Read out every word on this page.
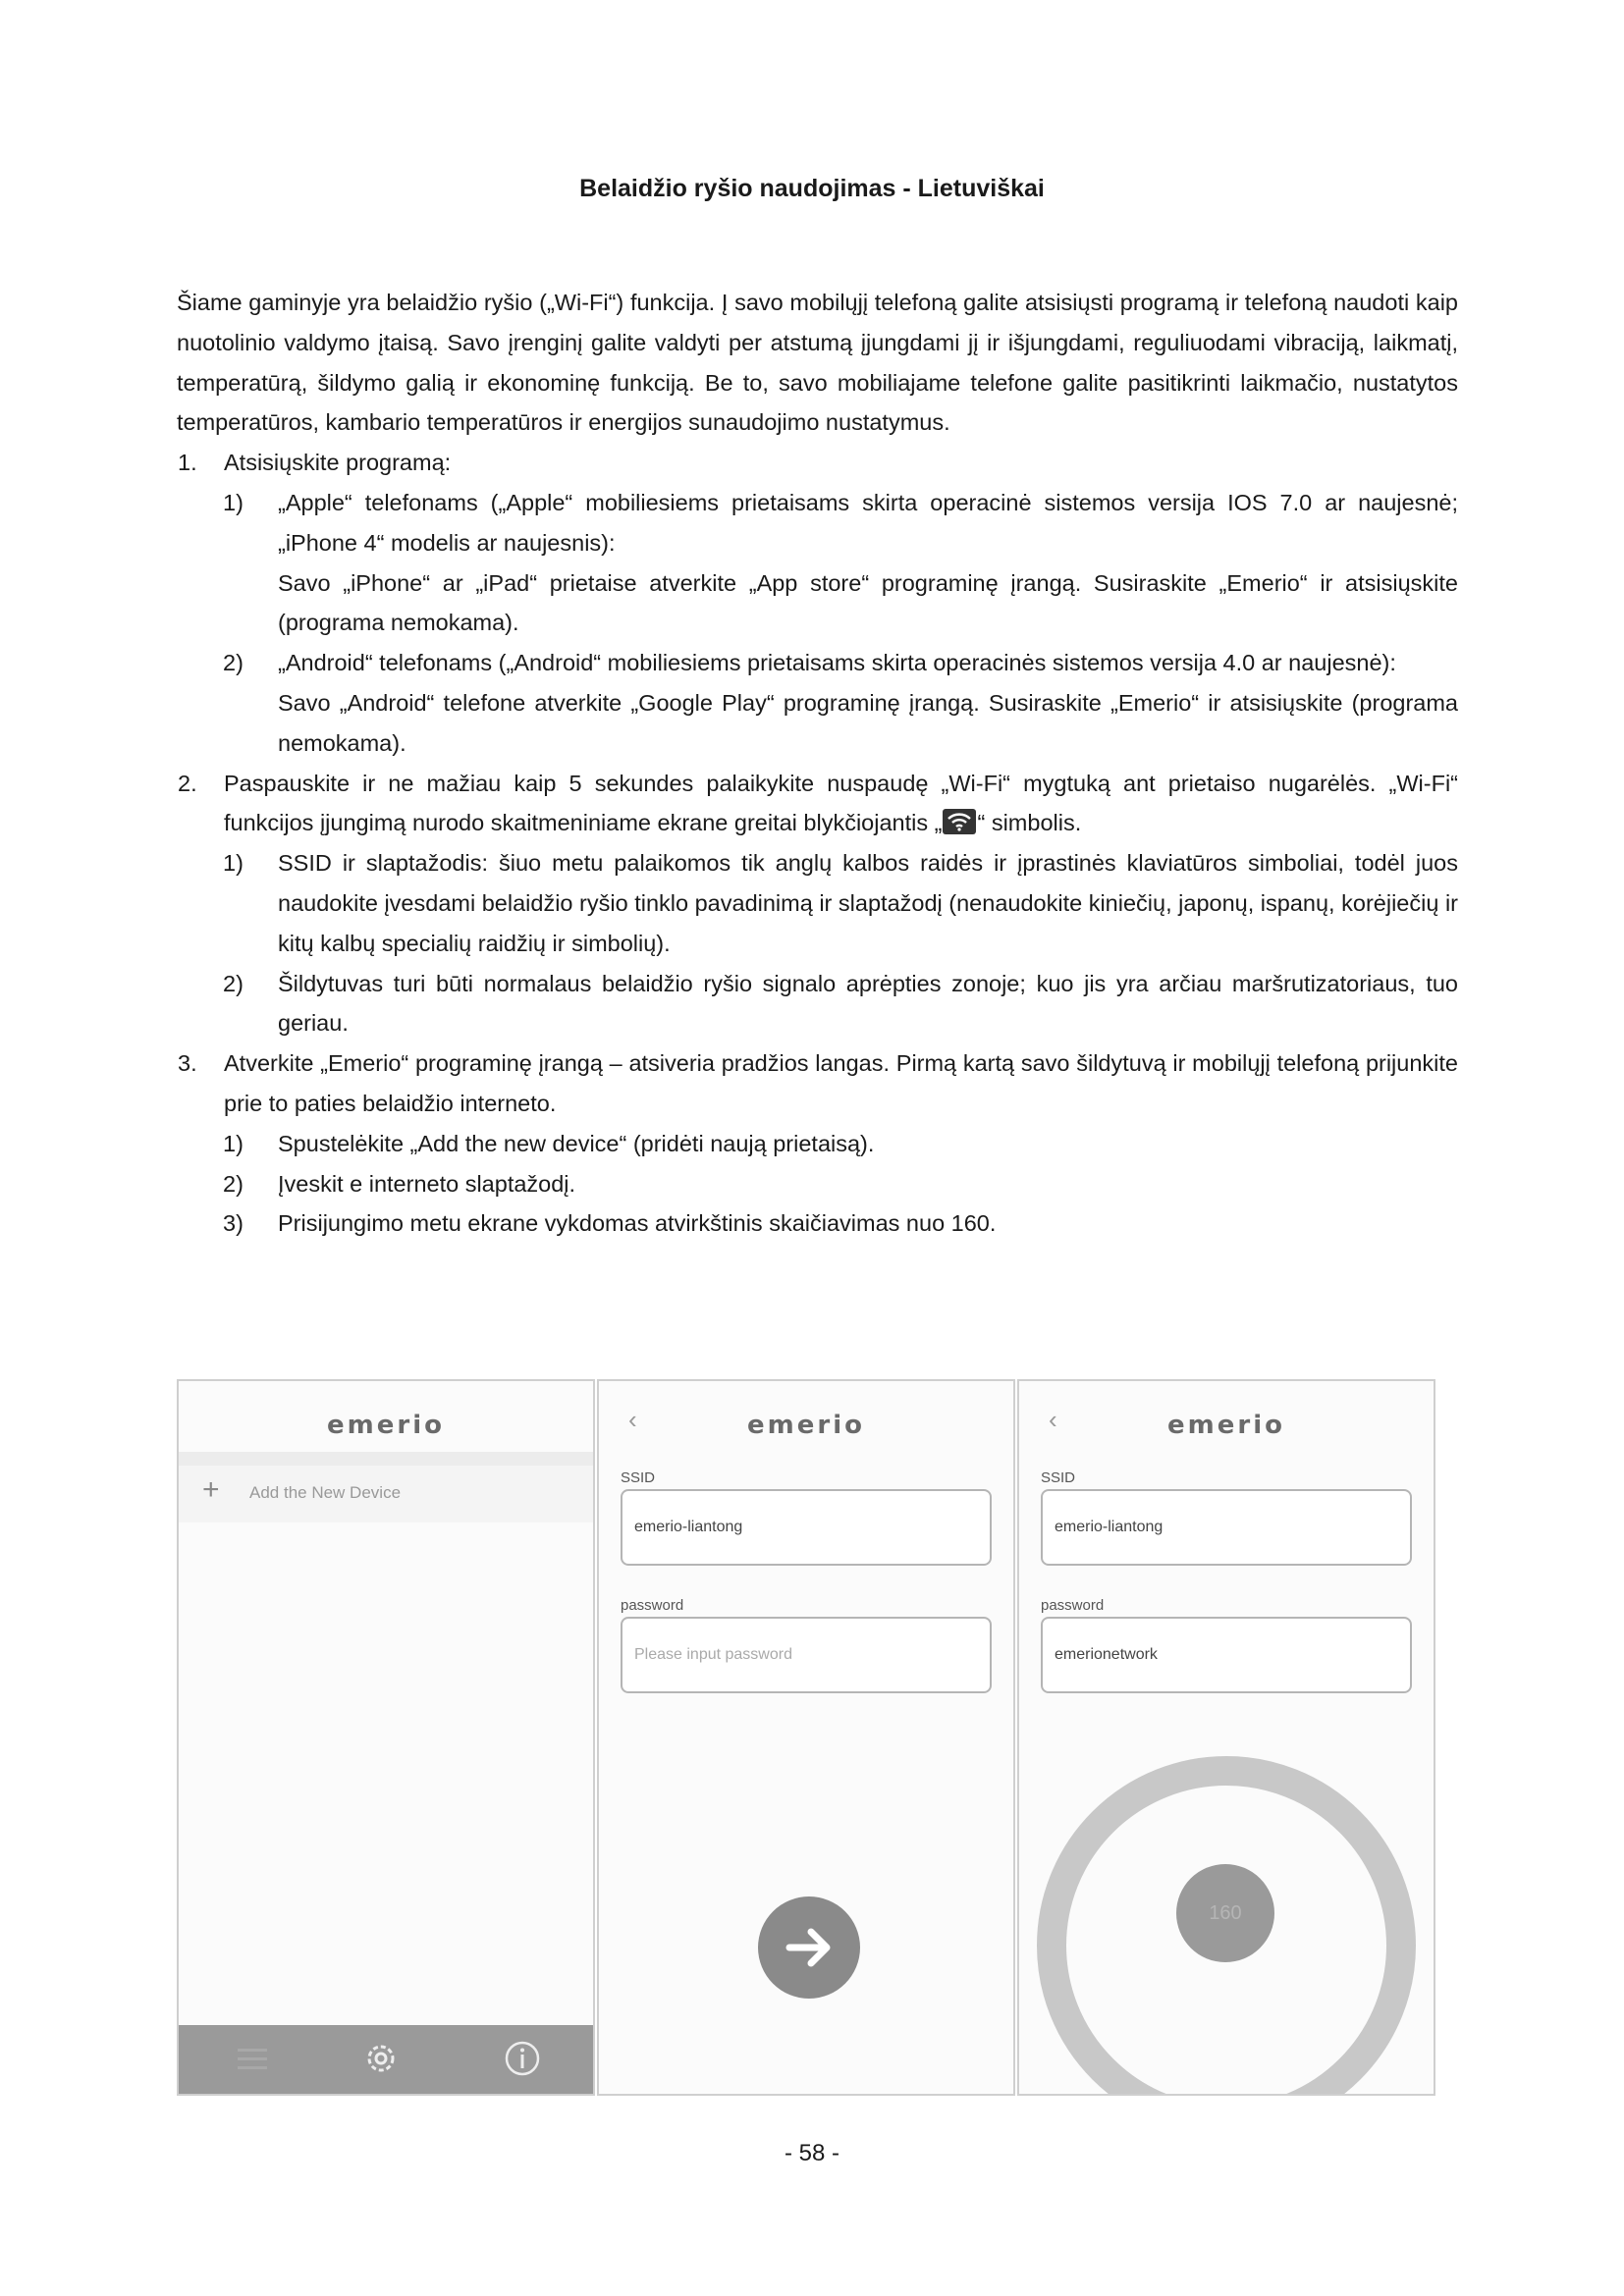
Belaidžio ryšio naudojimas - Lietuviškai

Šiame gaminyje yra belaidžio ryšio („Wi-Fi“) funkcija. Į savo mobilųjį telefoną galite atsisiųsti programą ir telefoną naudoti kaip nuotolinio valdymo įtaisą. Savo įrenginį galite valdyti per atstumą įjungdami jį ir išjungdami, reguliuodami vibraciją, laikmatį, temperatūrą, šildymo galią ir ekonominę funkciją. Be to, savo mobiliajame telefone galite pasitikrinti laikmačio, nustatytos temperatūros, kambario temperatūros ir energijos sunaudojimo nustatymus.

1. Atsisiųskite programą:
1) „Apple“ telefonams („Apple“ mobiliesiems prietaisams skirta operacinė sistemos versija IOS 7.0 ar naujesnė; „iPhone 4“ modelis ar naujesnis):

Savo „iPhone“ ar „iPad“ prietaise atverkite „App store“ programinę įrangą. Susiraskite „Emerio“ ir atsisiųskite (programa nemokama).

2) „Android“ telefonams („Android“ mobiliesiems prietaisams skirta operacinės sistemos versija 4.0 ar naujesnė):

Savo „Android“ telefone atverkite „Google Play“ programinę įrangą. Susiraskite „Emerio“ ir atsisiųskite (programa nemokama).

2. Paspauskite ir ne mažiau kaip 5 sekundes palaikykite nuspaudę „Wi-Fi“ mygtuką ant prietaiso nugarėlės. „Wi-Fi“ funkcijos įjungimą nurodo skaitmeniniame ekrane greitai blykčiojantis „ “ simbolis.
1) SSID ir slaptažodis: šiuo metu palaikomos tik anglų kalbos raidės ir įprastinės klaviatūros simboliai, todėl juos naudokite įvesdami belaidžio ryšio tinklo pavadinimą ir slaptažodį (nenaudokite kiniečių, japonų, ispanų, korėjiečių ir kitų kalbų specialių raidžių ir simbolių).
2) Šildytuvas turi būti normalaus belaidžio ryšio signalo aprėpties zonoje; kuo jis yra arčiau maršrutizatoriaus, tuo geriau.
3. Atverkite „Emerio“ programinę įrangą – atsiveria pradžios langas. Pirmą kartą savo šildytuvą ir mobilųjį telefoną prijunkite prie to paties belaidžio interneto.
1) Spustelėkite „Add the new device“ (pridėti naują prietaisą).
2) Įveskit e interneto slaptažodį.
3) Prisijungimo metu ekrane vykdomas atvirkštinis skaičiavimas nuo 160.
emerio
+ Add the New Device
‹	emerio
SSID
emerio-liantong
password
Please input password
‹	emerio
SSID
emerio-liantong
password
emerionetwork
160
- 58 -
